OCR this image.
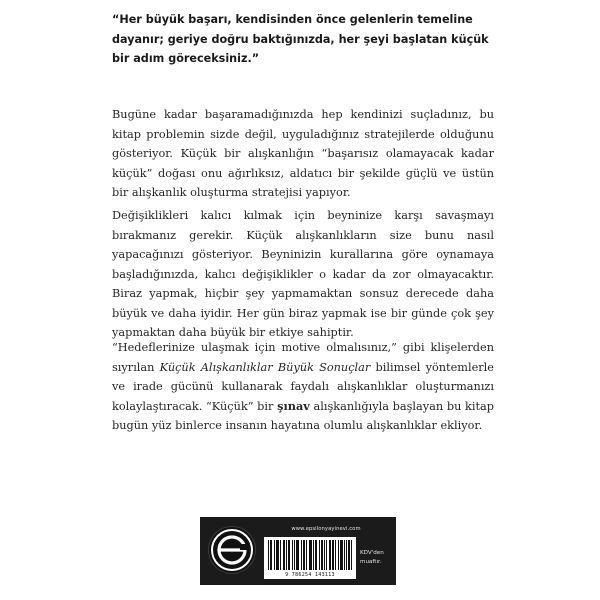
“Her büyük başarı, kendisinden önce gelenlerin temeline dayanır; geriye doğru baktığınızda, her şeyi başlatan küçük bir adım göreceksiniz.”

Bugüne kadar başaramadığınızda hep kendinizi suçladınız, bu kitap problemin sizde değil, uyguladığınız stratejilerde olduğunu gösteriyor. Küçük bir alışkanlığın “başarısız olamayacak kadar küçük” doğası onu ağırlıksız, aldatıcı bir şekilde güçlü ve üstün bir alışkanlık oluşturma stratejisi yapıyor.

Değişiklikleri kalıcı kılmak için beyninize karşı savaşmayı bırakmanız gerekir. Küçük alışkanlıkların size bunu nasıl yapacağınızı gösteriyor. Beyninizin kurallarına göre oynamaya başladığınızda, kalıcı değişiklikler o kadar da zor olmayacaktır. Biraz yapmak, hiçbir şey yapmamaktan sonsuz derecede daha büyük ve daha iyidir. Her gün biraz yapmak ise bir günde çok şey yapmaktan daha büyük bir etkiye sahiptir.

“Hedeflerinize ulaşmak için motive olmalısınız,” gibi klişelerden sıyrılan Küçük Alışkanlıklar Büyük Sonuçlar bilimsel yöntemlerle ve irade gücünü kullanarak faydalı alışkanlıklar oluşturmanızı kolaylaştıracak. “Küçük” bir şınav alışkanlığıyla başlayan bu kitap bugün yüz binlerce insanın hayatına olumlu alışkanlıklar ekliyor.

www.epsilonyayinevi.com
9 786254 143113
KDV'den
muaftır.
